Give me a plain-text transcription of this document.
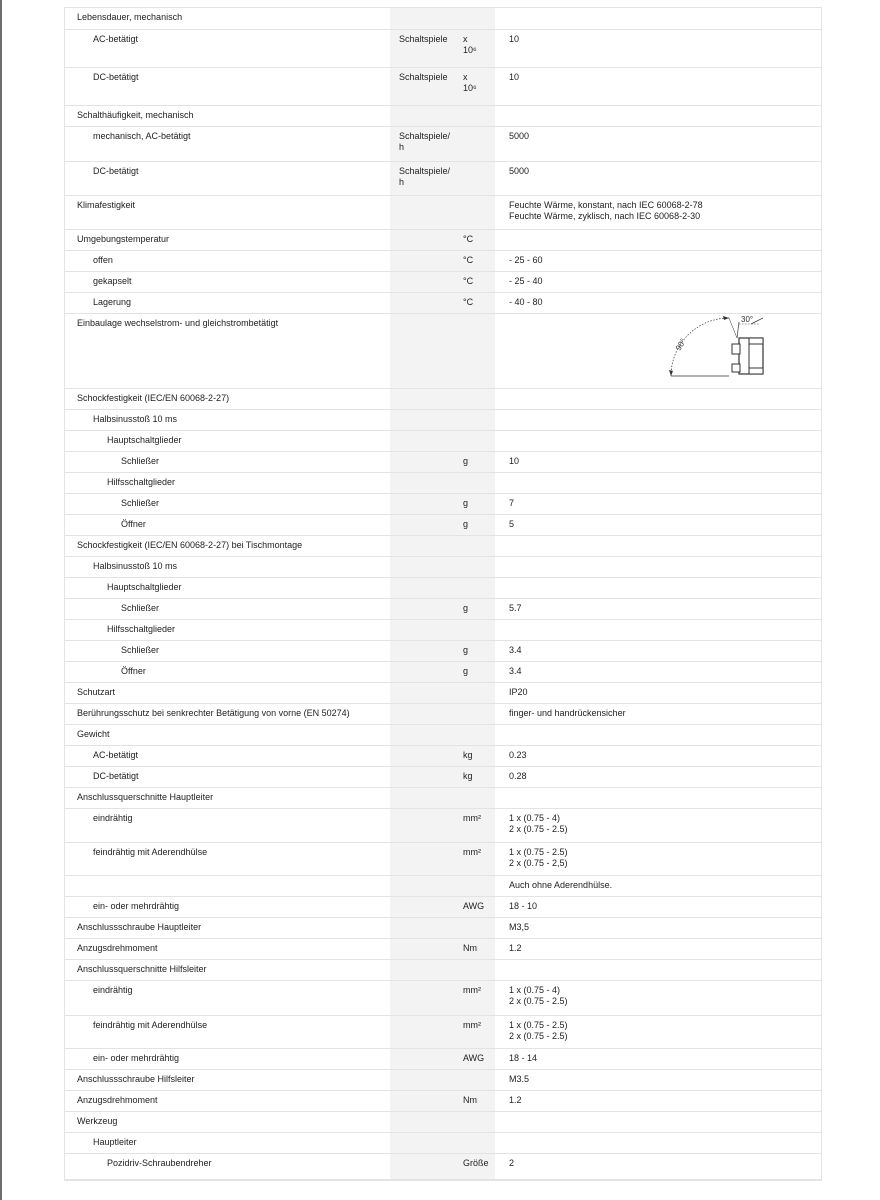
Lebensdauer, mechanisch			
AC-betätigt	Schaltspiele	x
10⁶	10

DC-betätigt	Schaltspiele	x
10⁶	10

Schalthäufigkeit, mechanisch			
mechanisch, AC-betätigt	Schaltspiele/
h		5000

DC-betätigt	Schaltspiele/
h		5000

Klimafestigkeit			Feuchte Wärme, konstant, nach IEC 60068-2-78
Feuchte Wärme, zyklisch, nach IEC 60068-2-30

Umgebungstemperatur		°C	

offen		°C	- 25 - 60

gekapselt		°C	- 25 - 40

Lagerung		°C	- 40 - 80

Einbaulage wechselstrom- und gleichstrombetätigt			90°
30°

Schockfestigkeit (IEC/EN 60068-2-27)			
Halbsinusstoß 10 ms			
Hauptschaltglieder			
Schließer		g	10

Hilfsschaltglieder			
Schließer		g	7

Öffner		g	5

Schockfestigkeit (IEC/EN 60068-2-27) bei Tischmontage			
Halbsinusstoß 10 ms			
Hauptschaltglieder			
Schließer		g	5.7

Hilfsschaltglieder			
Schließer		g	3.4

Öffner		g	3.4

Schutzart			IP20

Berührungsschutz bei senkrechter Betätigung von vorne (EN 50274)			finger- und handrückensicher

Gewicht			
AC-betätigt		kg	0.23

DC-betätigt		kg	0.28

Anschlussquerschnitte Hauptleiter			
eindrähtig		mm²	1 x (0.75 - 4)
2 x (0.75 - 2.5)

feindrähtig mit Aderendhülse		mm²	1 x (0.75 - 2.5)
2 x (0.75 - 2,5)

			Auch ohne Aderendhülse.

ein- oder mehrdrähtig		AWG	18 - 10

Anschlussschraube Hauptleiter			M3,5

Anzugsdrehmoment		Nm	1.2

Anschlussquerschnitte Hilfsleiter			
eindrähtig		mm²	1 x (0.75 - 4)
2 x (0.75 - 2.5)

feindrähtig mit Aderendhülse		mm²	1 x (0.75 - 2.5)
2 x (0.75 - 2.5)

ein- oder mehrdrähtig		AWG	18 - 14

Anschlussschraube Hilfsleiter			M3.5

Anzugsdrehmoment		Nm	1.2

Werkzeug			
Hauptleiter			
Pozidriv-Schraubendreher		Größe	2
